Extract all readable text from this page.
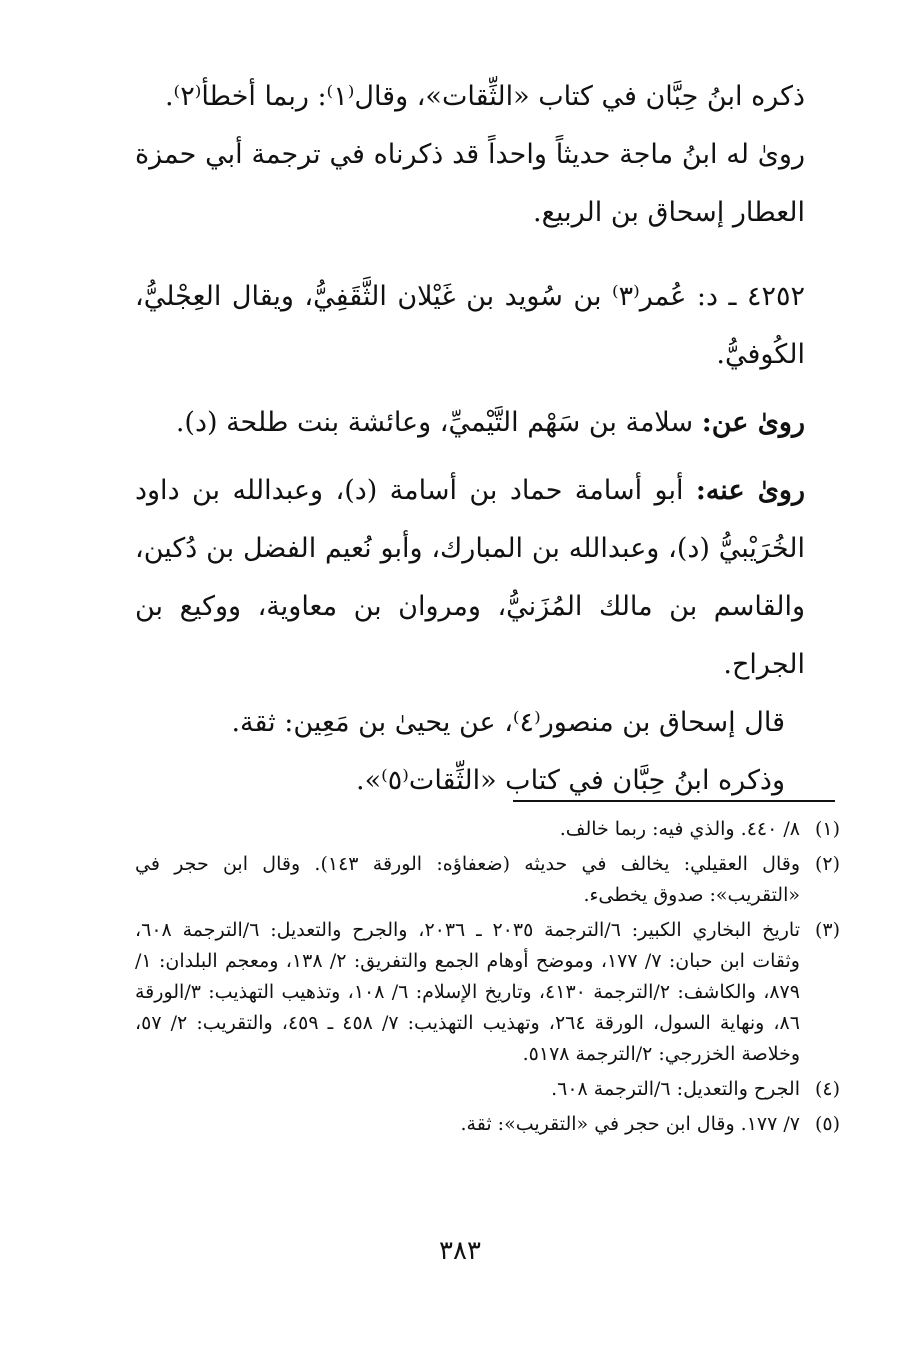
ذكره ابنُ حِبَّان في كتاب «الثِّقات»، وقال⁽١⁾: ربما أخطأ⁽٢⁾.

روىٰ له ابنُ ماجة حديثاً واحداً قد ذكرناه في ترجمة أبي حمزة العطار إسحاق بن الربيع.

٤٢٥٢ ـ د: عُمر⁽٣⁾ بن سُويد بن غَيْلان الثَّقَفِيُّ، ويقال العِجْليُّ، الكُوفيُّ.

روىٰ عن: سلامة بن سَهْم التَّيْميِّ، وعائشة بنت طلحة (د).

روىٰ عنه: أبو أسامة حماد بن أسامة (د)، وعبدالله بن داود الخُرَيْبيُّ (د)، وعبدالله بن المبارك، وأبو نُعيم الفضل بن دُكين، والقاسم بن مالك المُزَنيُّ، ومروان بن معاوية، ووكيع بن الجراح.

قال إسحاق بن منصور⁽٤⁾، عن يحيىٰ بن مَعِين: ثقة.

وذكره ابنُ حِبَّان في كتاب «الثِّقات⁽٥⁾».

(١)
٨/ ٤٤٠. والذي فيه: ربما خالف.
(٢)
وقال العقيلي: يخالف في حديثه (ضعفاؤه: الورقة ١٤٣). وقال ابن حجر في «التقريب»: صدوق يخطىء.
(٣)
تاريخ البخاري الكبير: ٦/الترجمة ٢٠٣٥ ـ ٢٠٣٦، والجرح والتعديل: ٦/الترجمة ٦٠٨، وثقات ابن حبان: ٧/ ١٧٧، وموضح أوهام الجمع والتفريق: ٢/ ١٣٨، ومعجم البلدان: ١/ ٨٧٩، والكاشف: ٢/الترجمة ٤١٣٠، وتاريخ الإسلام: ٦/ ١٠٨، وتذهيب التهذيب: ٣/الورقة ٨٦، ونهاية السول، الورقة ٢٦٤، وتهذيب التهذيب: ٧/ ٤٥٨ ـ ٤٥٩، والتقريب: ٢/ ٥٧، وخلاصة الخزرجي: ٢/الترجمة ٥١٧٨.
(٤)
الجرح والتعديل: ٦/الترجمة ٦٠٨.
(٥)
٧/ ١٧٧. وقال ابن حجر في «التقريب»: ثقة.
٣٨٣
